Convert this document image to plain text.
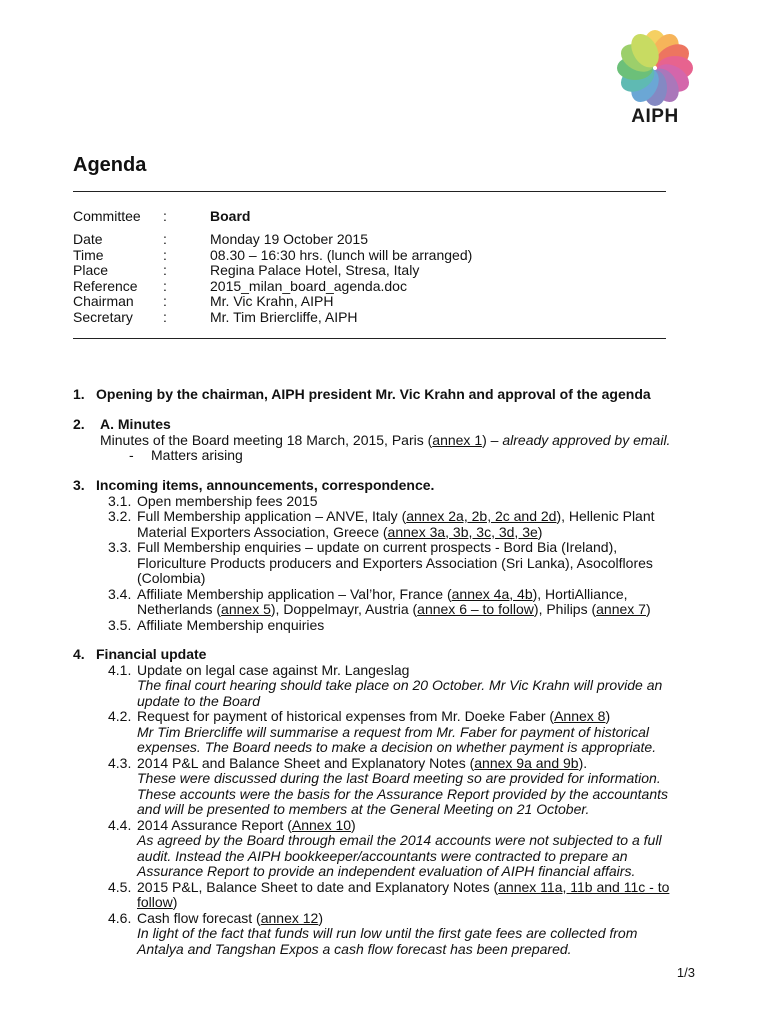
AIPH
Agenda
Committee :	Board
Date	:	Monday 19 October 2015
Time	:	08.30 – 16:30 hrs. (lunch will be arranged)
Place	:	Regina Palace Hotel, Stresa, Italy
Reference :	2015_milan_board_agenda.doc
Chairman :	Mr. Vic Krahn, AIPH
Secretary :	Mr. Tim Briercliffe, AIPH
1. Opening by the chairman, AIPH president Mr. Vic Krahn and approval of the agenda
2. A. Minutes
Minutes of the Board meeting 18 March, 2015, Paris (annex 1) – already approved by email.
- Matters arising
3. Incoming items, announcements, correspondence.
3.1. Open membership fees 2015
3.2. Full Membership application – ANVE, Italy (annex 2a, 2b, 2c and 2d), Hellenic Plant
Material Exporters Association, Greece (annex 3a, 3b, 3c, 3d, 3e)
3.3. Full Membership enquiries – update on current prospects - Bord Bia (Ireland),
Floriculture Products producers and Exporters Association (Sri Lanka), Asocolflores
(Colombia)
3.4. Affiliate Membership application – Val’hor, France (annex 4a, 4b), HortiAlliance,
Netherlands (annex 5), Doppelmayr, Austria (annex 6 – to follow), Philips (annex 7)
3.5. Affiliate Membership enquiries
4. Financial update
4.1. Update on legal case against Mr. Langeslag
The final court hearing should take place on 20 October. Mr Vic Krahn will provide an
update to the Board
4.2. Request for payment of historical expenses from Mr. Doeke Faber (Annex 8)
Mr Tim Briercliffe will summarise a request from Mr. Faber for payment of historical
expenses. The Board needs to make a decision on whether payment is appropriate.
4.3. 2014 P&L and Balance Sheet and Explanatory Notes (annex 9a and 9b).
These were discussed during the last Board meeting so are provided for information.
These accounts were the basis for the Assurance Report provided by the accountants
and will be presented to members at the General Meeting on 21 October.
4.4. 2014 Assurance Report (Annex 10)
As agreed by the Board through email the 2014 accounts were not subjected to a full
audit. Instead the AIPH bookkeeper/accountants were contracted to prepare an
Assurance Report to provide an independent evaluation of AIPH financial affairs.
4.5. 2015 P&L, Balance Sheet to date and Explanatory Notes (annex 11a, 11b and 11c - to
follow)
4.6. Cash flow forecast (annex 12)
In light of the fact that funds will run low until the first gate fees are collected from
Antalya and Tangshan Expos a cash flow forecast has been prepared.
1/3
